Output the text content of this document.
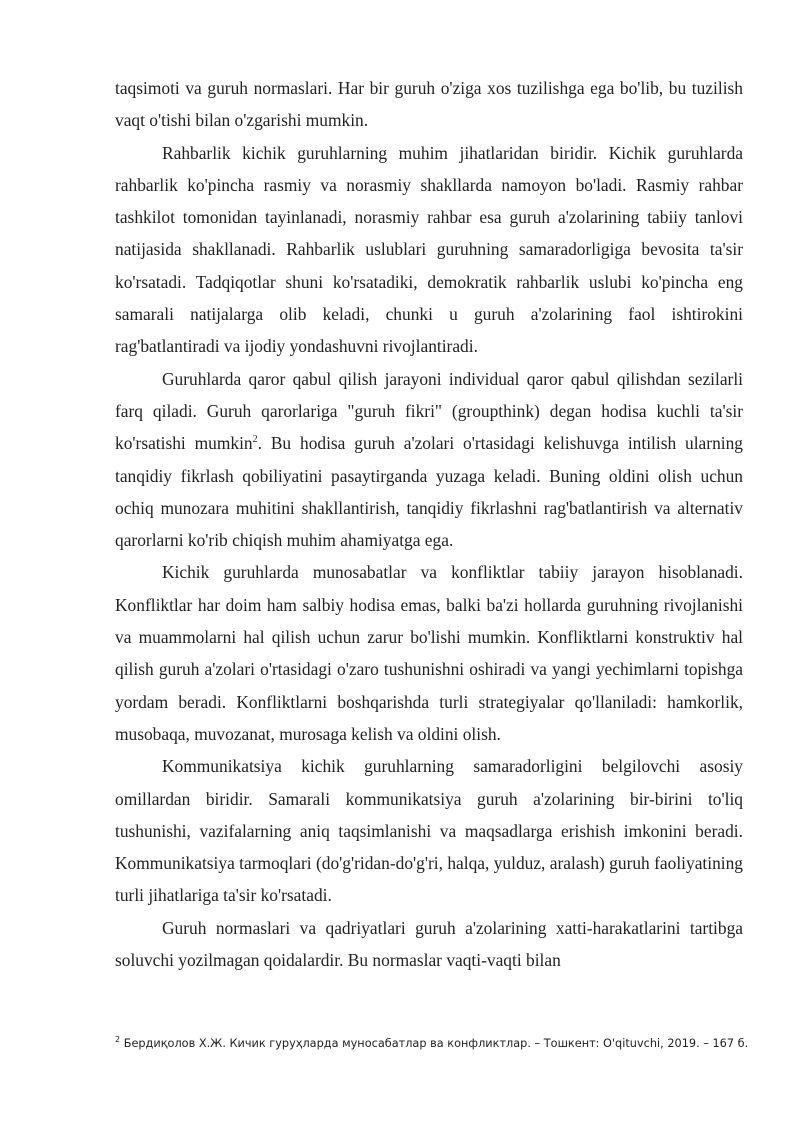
taqsimoti va guruh normaslari. Har bir guruh o'ziga xos tuzilishga ega bo'lib, bu tuzilish vaqt o'tishi bilan o'zgarishi mumkin.

Rahbarlik kichik guruhlarning muhim jihatlaridan biridir. Kichik guruhlarda rahbarlik ko'pincha rasmiy va norasmiy shakllarda namoyon bo'ladi. Rasmiy rahbar tashkilot tomonidan tayinlanadi, norasmiy rahbar esa guruh a'zolarining tabiiy tanlovi natijasida shakllanadi. Rahbarlik uslublari guruhning samaradorligiga bevosita ta'sir ko'rsatadi. Tadqiqotlar shuni ko'rsatadiki, demokratik rahbarlik uslubi ko'pincha eng samarali natijalarga olib keladi, chunki u guruh a'zolarining faol ishtirokini rag'batlantiradi va ijodiy yondashuvni rivojlantiradi.

Guruhlarda qaror qabul qilish jarayoni individual qaror qabul qilishdan sezilarli farq qiladi. Guruh qarorlariga "guruh fikri" (groupthink) degan hodisa kuchli ta'sir ko'rsatishi mumkin$^2$. Bu hodisa guruh a'zolari o'rtasidagi kelishuvga intilish ularning tanqidiy fikrlash qobiliyatini pasaytirganda yuzaga keladi. Buning oldini olish uchun ochiq munozara muhitini shakllantirish, tanqidiy fikrlashni rag'batlantirish va alternativ qarorlarni ko'rib chiqish muhim ahamiyatga ega.

Kichik guruhlarda munosabatlar va konfliktlar tabiiy jarayon hisoblanadi. Konfliktlar har doim ham salbiy hodisa emas, balki ba'zi hollarda guruhning rivojlanishi va muammolarni hal qilish uchun zarur bo'lishi mumkin. Konfliktlarni konstruktiv hal qilish guruh a'zolari o'rtasidagi o'zaro tushunishni oshiradi va yangi yechimlarni topishga yordam beradi. Konfliktlarni boshqarishda turli strategiyalar qo'llaniladi: hamkorlik, musobaqa, muvozanat, murosaga kelish va oldini olish.

Kommunikatsiya kichik guruhlarning samaradorligini belgilovchi asosiy omillardan biridir. Samarali kommunikatsiya guruh a'zolarining bir-birini to'liq tushunishi, vazifalarning aniq taqsimlanishi va maqsadlarga erishish imkonini beradi. Kommunikatsiya tarmoqlari (do'g'ridan-do'g'ri, halqa, yulduz, aralash) guruh faoliyatining turli jihatlariga ta'sir ko'rsatadi.

Guruh normaslari va qadriyatlari guruh a'zolarining xatti-harakatlarini tartibga soluvchi yozilmagan qoidalardir. Bu normaslar vaqti-vaqti bilan

$^2$ Бердиқолов Х.Ж. Кичик гуруҳларда муносабатлар ва конфликтлар. – Тошкент: O'qituvchi, 2019. – 167 б.
